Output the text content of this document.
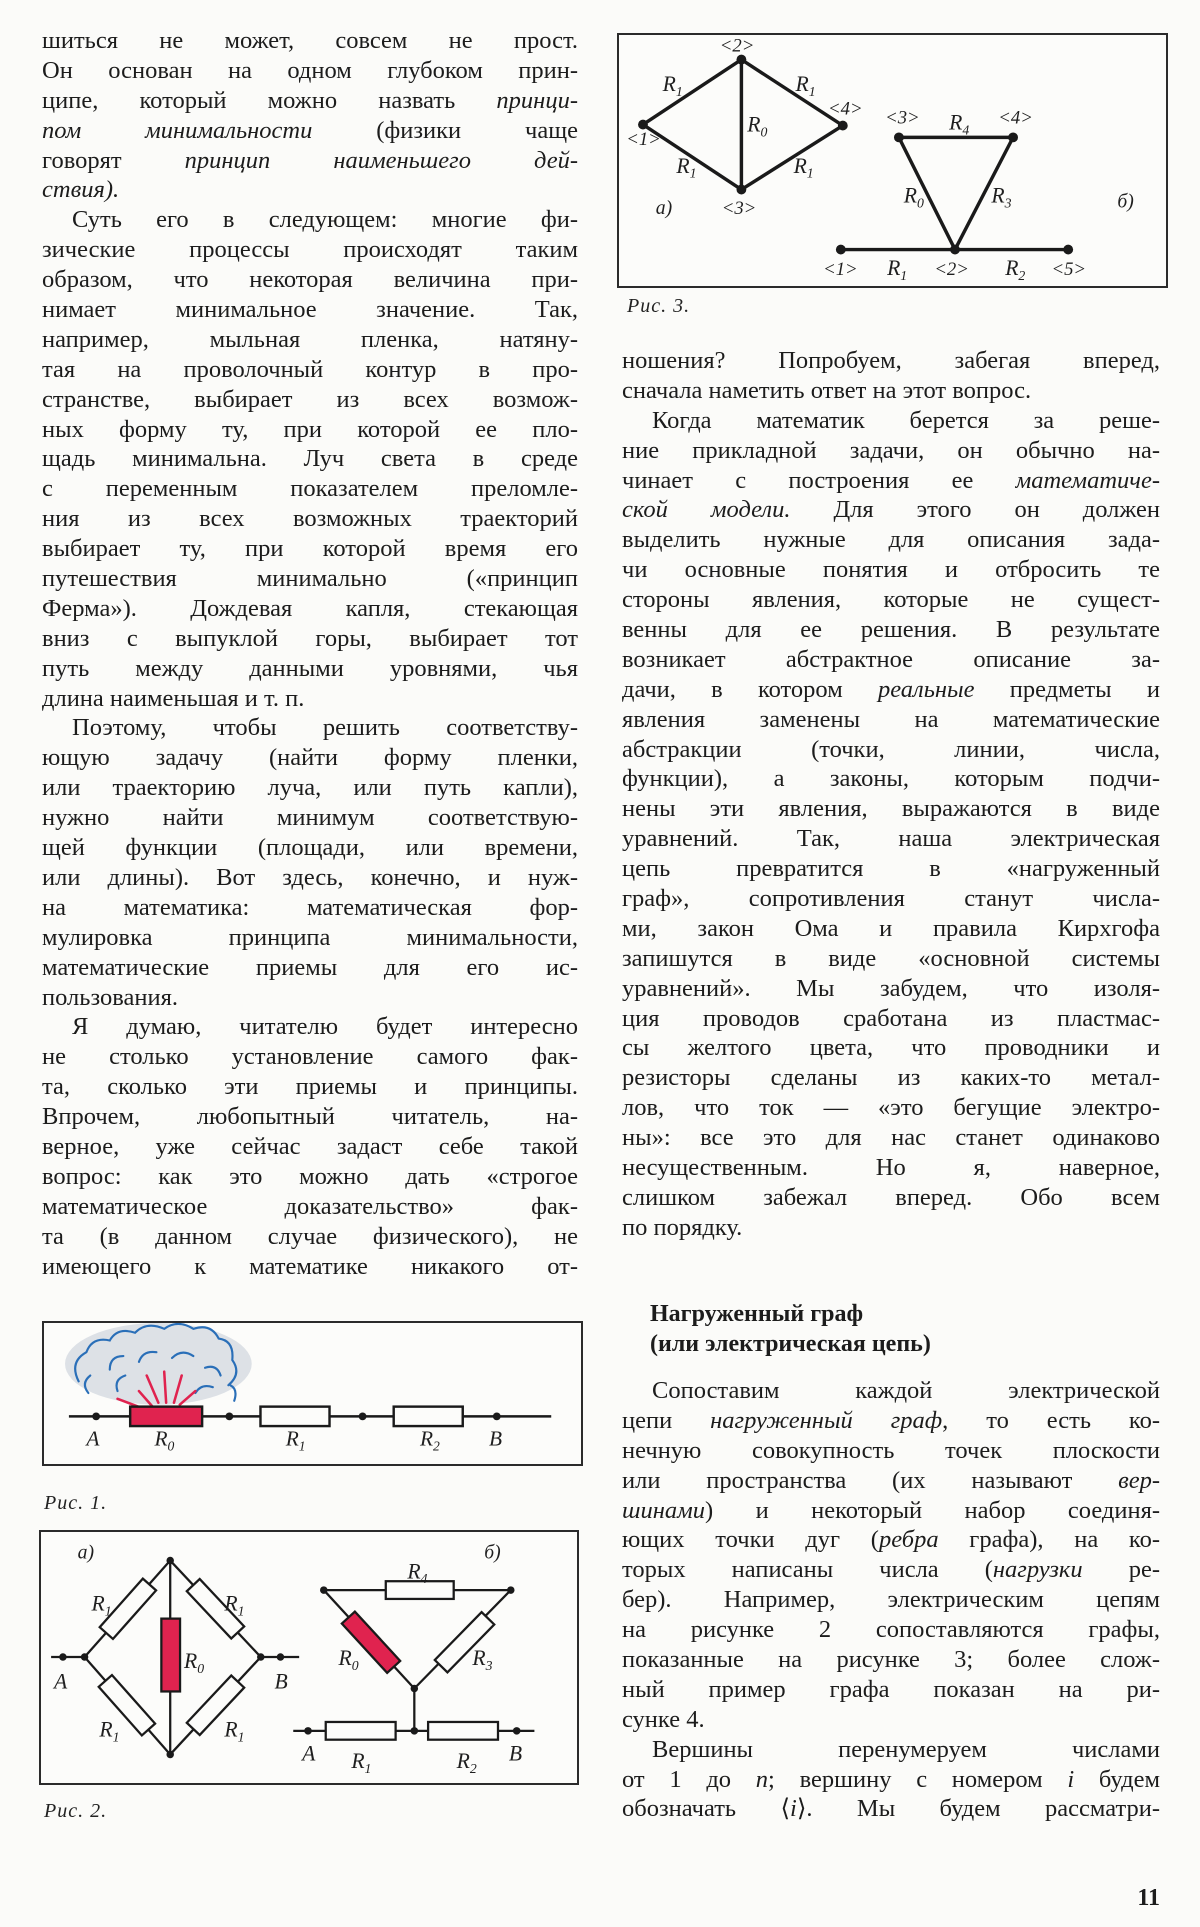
шиться не может, совсем не прост.
Он основан на одном глубоком прин-
ципе, который можно назвать принци-
пом минимальности (физики чаще
говорят принцип наименьшего дей-
ствия).
Суть его в следующем: многие фи-
зические процессы происходят таким
образом, что некоторая величина при-
нимает минимальное значение. Так,
например, мыльная пленка, натяну-
тая на проволочный контур в про-
странстве, выбирает из всех возмож-
ных форму ту, при которой ее пло-
щадь минимальна. Луч света в среде
с переменным показателем преломле-
ния из всех возможных траекторий
выбирает ту, при которой время его
путешествия минимально («принцип
Ферма»). Дождевая капля, стекающая
вниз с выпуклой горы, выбирает тот
путь между данными уровнями, чья
длина наименьшая и т. п.
Поэтому, чтобы решить соответству-
ющую задачу (найти форму пленки,
или траекторию луча, или путь капли),
нужно найти минимум соответствую-
щей функции (площади, или времени,
или длины). Вот здесь, конечно, и нуж-
на математика: математическая фор-
мулировка принципа минимальности,
математические приемы для его ис-
пользования.
Я думаю, читателю будет интересно
не столько установление самого фак-
та, сколько эти приемы и принципы.
Впрочем, любопытный читатель, на-
верное, уже сейчас задаст себе такой
вопрос: как это можно дать «строгое
математическое доказательство» фак-
та (в данном случае физического), не
имеющего к математике никакого от-
ношения? Попробуем, забегая вперед,
сначала наметить ответ на этот вопрос.
Когда математик берется за реше-
ние прикладной задачи, он обычно на-
чинает с построения ее математиче-
ской модели. Для этого он должен
выделить нужные для описания зада-
чи основные понятия и отбросить те
стороны явления, которые не сущест-
венны для ее решения. В результате
возникает абстрактное описание за-
дачи, в котором реальные предметы и
явления заменены на математические
абстракции (точки, линии, числа,
функции), а законы, которым подчи-
нены эти явления, выражаются в виде
уравнений. Так, наша электрическая
цепь превратится в «нагруженный
граф», сопротивления станут числа-
ми, закон Ома и правила Кирхгофа
запишутся в виде «основной системы
уравнений». Мы забудем, что изоля-
ция проводов сработана из пластмас-
сы желтого цвета, что проводники и
резисторы сделаны из каких-то метал-
лов, что ток — «это бегущие электро-
ны»: все это для нас станет одинаково
несущественным. Но я, наверное,
слишком забежал вперед. Обо всем
по порядку.
Нагруженный граф
(или электрическая цепь)
Сопоставим каждой электрической
цепи нагруженный граф, то есть ко-
нечную совокупность точек плоскости
или пространства (их называют вер-
шинами) и некоторый набор соединя-
ющих точки дуг (ребра графа), на ко-
торых написаны числа (нагрузки ре-
бер). Например, электрическим цепям
на рисунке 2 сопоставляются графы,
показанные на рисунке 3; более слож-
ный пример графа показан на ри-
сунке 4.
Вершины перенумеруем числами
от 1 до n; вершину с номером i будем
обозначать ⟨i⟩. Мы будем рассматри-
<2>
<1>
<3>
<4> <3>	<4>
<1>	<2>	<5>
$R_1$	$R_1$
$R_1$	$R_1$
$R_0$	$R_4$
$R_0$	$R_3$
$R_1$	$R_2$
а)	б)
Рис. 3.
A	$R_0$	$R_1$	$R_2$ B
Рис. 1.
а)	б)
A	B
$R_1$	$R_1$
$R_1$	$R_1$
$R_0$
$R_4$
$R_0$	$R_3$
A $R_1$	$R_2$
B
Рис. 2.
11
